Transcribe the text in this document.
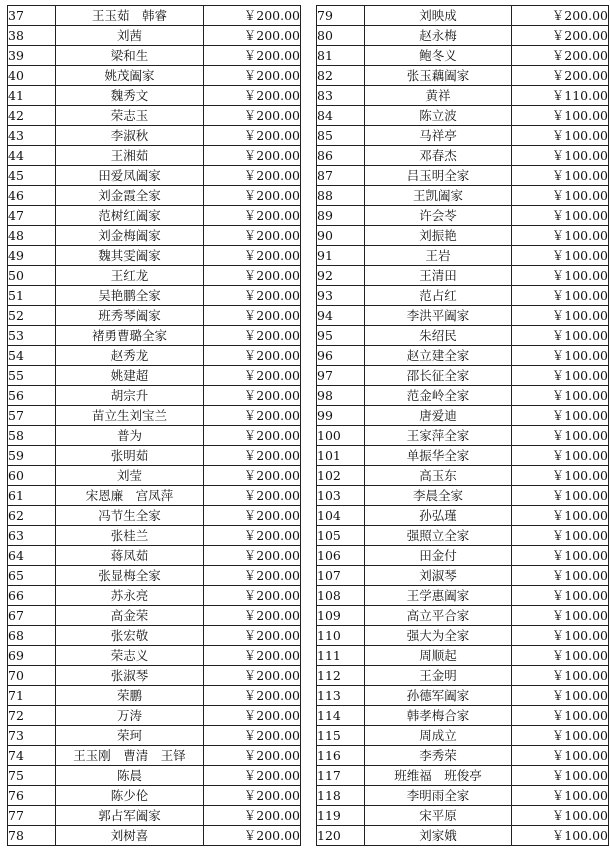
37	王玉茹　韩睿	￥200.00
38	刘茜	￥200.00
39	梁和生	￥200.00
40	姚茂阖家	￥200.00
41	魏秀文	￥200.00
42	荣志玉	￥200.00
43	李淑秋	￥200.00
44	王湘茹	￥200.00
45	田爱凤阖家	￥200.00
46	刘金霞全家	￥200.00
47	范树红阖家	￥200.00
48	刘金梅阖家	￥200.00
49	魏其雯阖家	￥200.00
50	王红龙	￥200.00
51	吴艳鹏全家	￥200.00
52	班秀琴阖家	￥200.00
53	褚勇曹璐全家	￥200.00
54	赵秀龙	￥200.00
55	姚建超	￥200.00
56	胡宗升	￥200.00
57	苗立生刘宝兰	￥200.00
58	普为	￥200.00
59	张明茹	￥200.00
60	刘莹	￥200.00
61	宋恩廉　宫凤萍	￥200.00
62	冯节生全家	￥200.00
63	张桂兰	￥200.00
64	蒋凤茹	￥200.00
65	张显梅全家	￥200.00
66	苏永亮	￥200.00
67	高金荣	￥200.00
68	张宏敬	￥200.00
69	荣志义	￥200.00
70	张淑琴	￥200.00
71	荣鹏	￥200.00
72	万涛	￥200.00
73	荣珂	￥200.00
74	王玉刚　曹清　王铎	￥200.00
75	陈晨	￥200.00
76	陈少伦	￥200.00
77	郭占军阖家	￥200.00
78	刘树喜	￥200.00
79	刘映成	￥200.00
80	赵永梅	￥200.00
81	鲍冬义	￥200.00
82	张玉藕阖家	￥200.00
83	黄祥	￥110.00
84	陈立波	￥100.00
85	马祥亭	￥100.00
86	邓春杰	￥100.00
87	吕玉明全家	￥100.00
88	王凯阖家	￥100.00
89	许会苓	￥100.00
90	刘振艳	￥100.00
91	王岩	￥100.00
92	王清田	￥100.00
93	范占红	￥100.00
94	李洪平阖家	￥100.00
95	朱绍民	￥100.00
96	赵立建全家	￥100.00
97	邵长征全家	￥100.00
98	范金岭全家	￥100.00
99	唐爱迪	￥100.00
100	王家萍全家	￥100.00
101	单振华全家	￥100.00
102	高玉东	￥100.00
103	李晨全家	￥100.00
104	孙弘瑾	￥100.00
105	强照立全家	￥100.00
106	田金付	￥100.00
107	刘淑琴	￥100.00
108	王学惠阖家	￥100.00
109	高立平合家	￥100.00
110	强大为全家	￥100.00
111	周顺起	￥100.00
112	王金明	￥100.00
113	孙德军阖家	￥100.00
114	韩孝梅合家	￥100.00
115	周成立	￥100.00
116	李秀荣	￥100.00
117	班维福　班俊亭	￥100.00
118	李明雨全家	￥100.00
119	宋平原	￥100.00
120	刘家娥	￥100.00
